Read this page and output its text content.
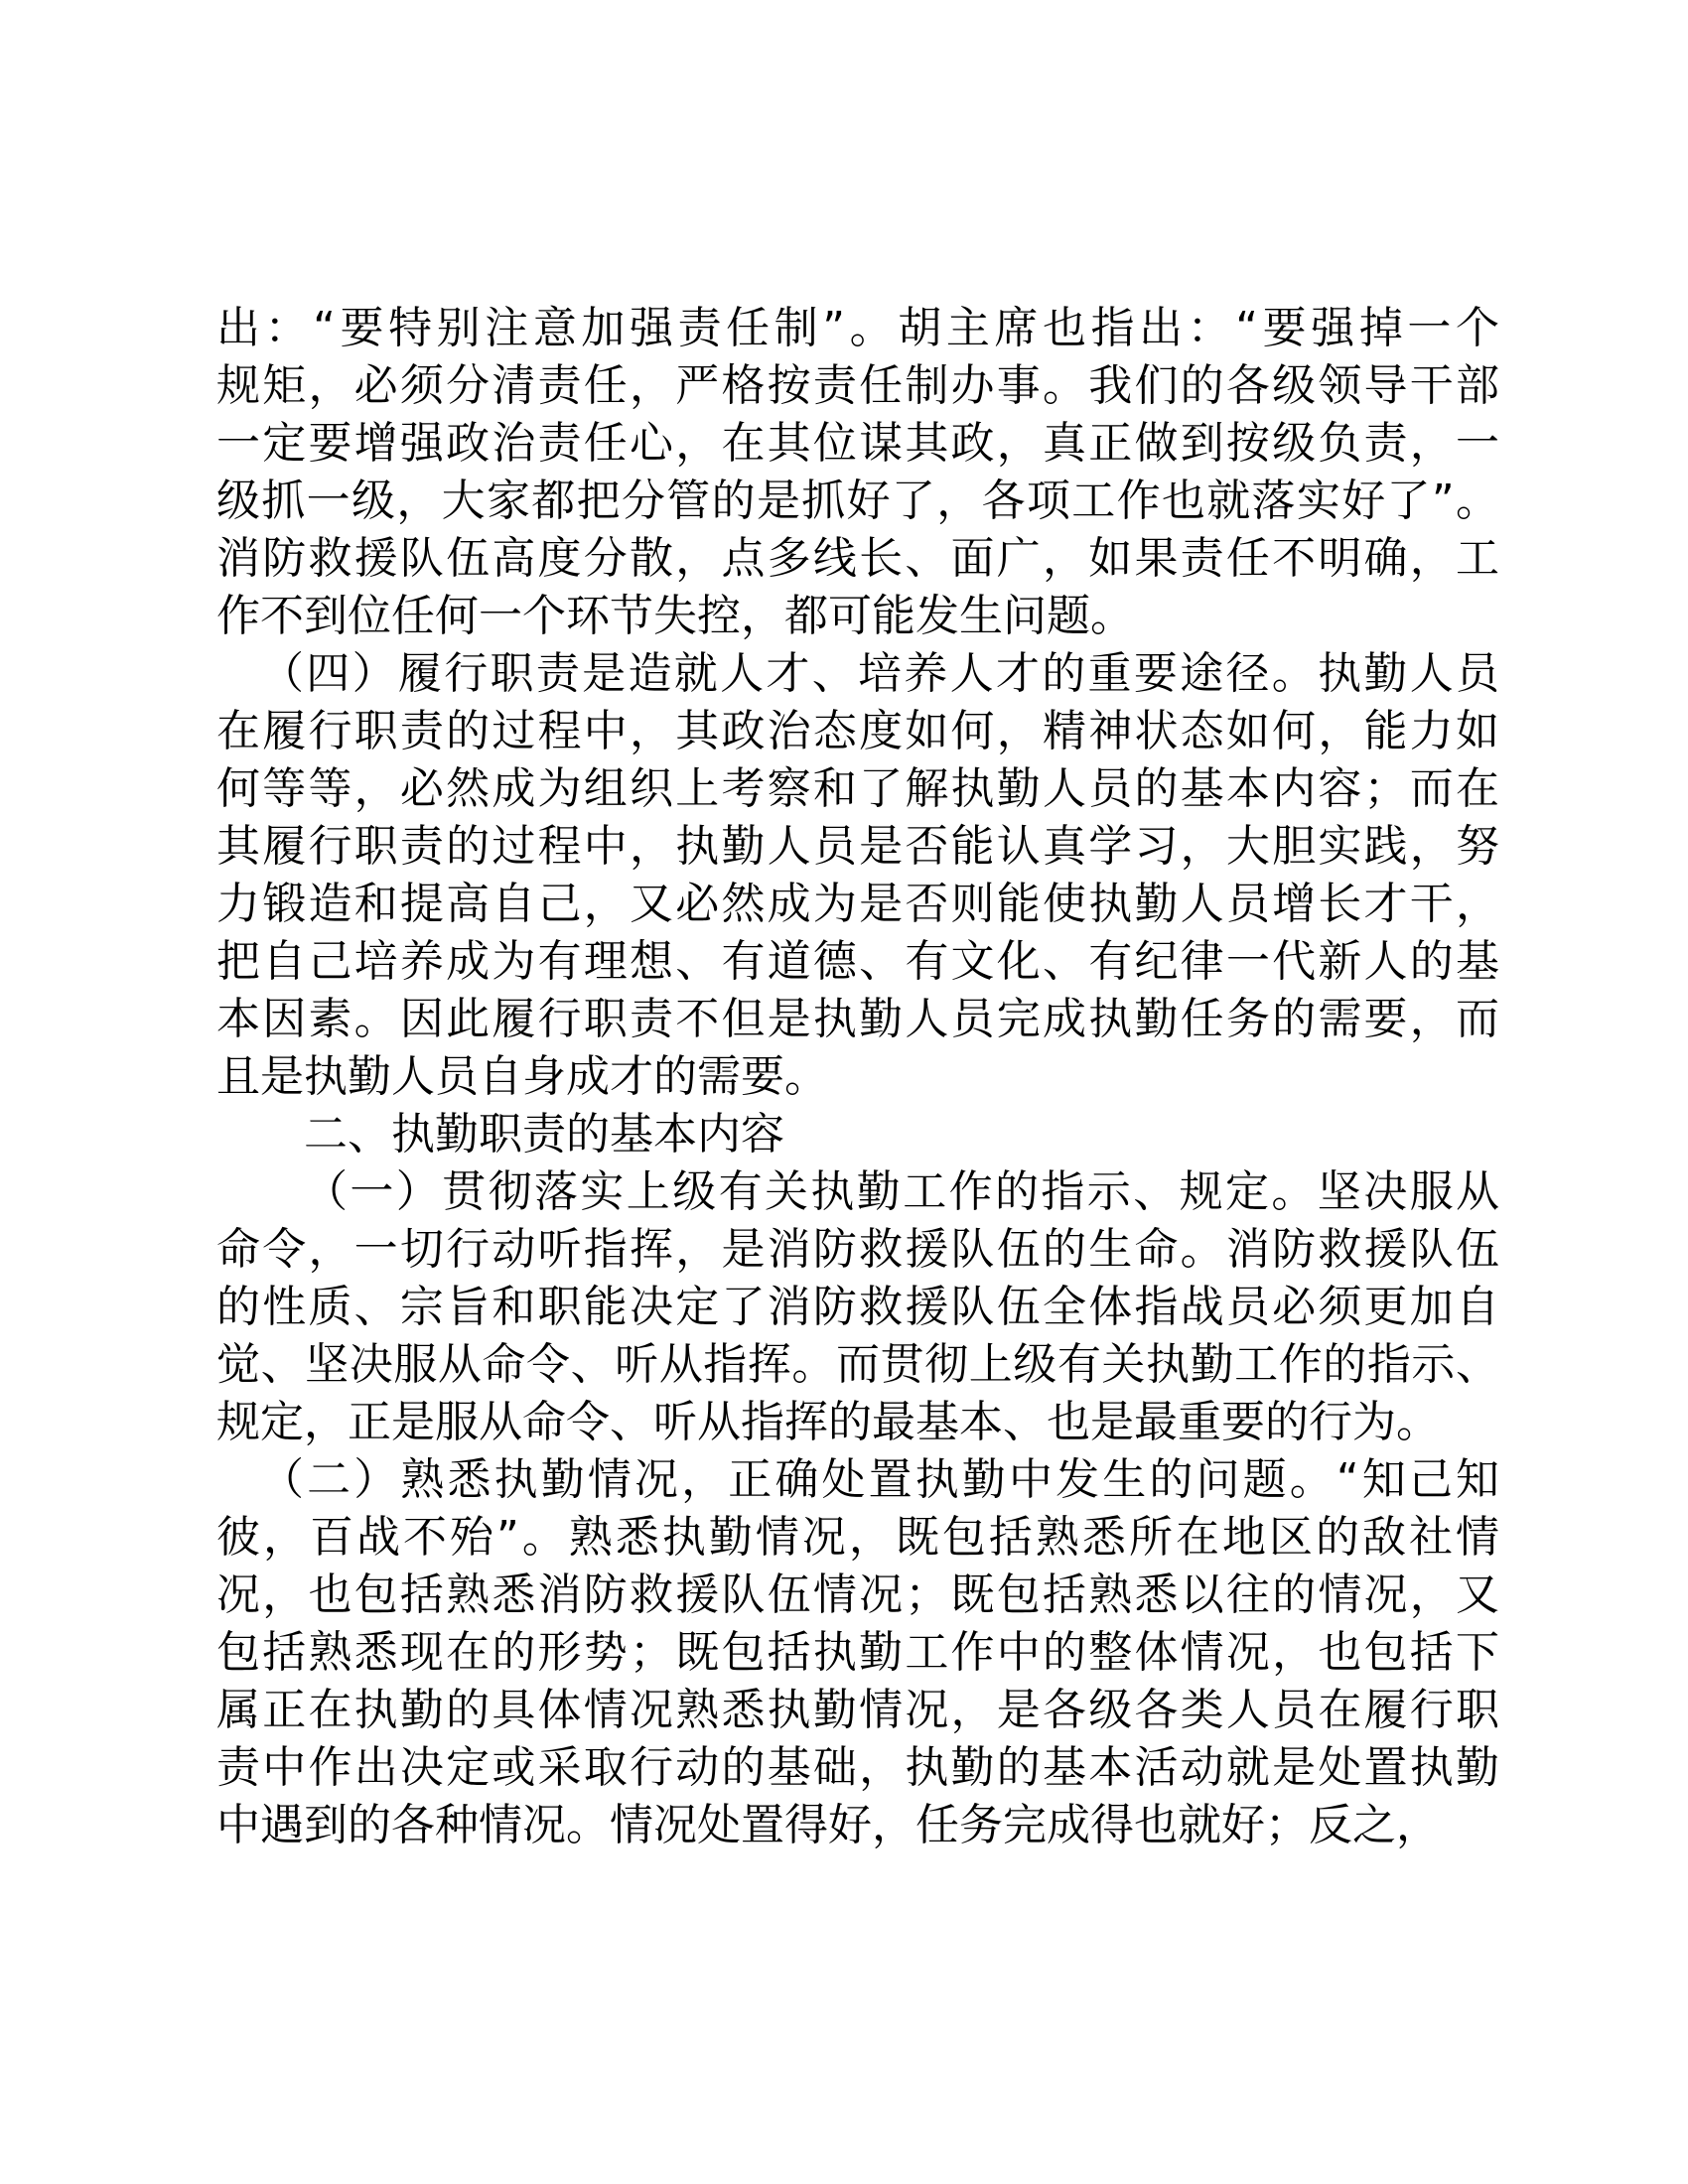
出：“要特别注意加强责任制”。胡主席也指出：“要强掉一个
规矩，必须分清责任，严格按责任制办事。我们的各级领导干部
一定要增强政治责任心，在其位谋其政，真正做到按级负责，一
级抓一级，大家都把分管的是抓好了，各项工作也就落实好了”。
消防救援队伍高度分散，点多线长、面广，如果责任不明确，工
作不到位任何一个环节失控，都可能发生问题。
（四）履行职责是造就人才、培养人才的重要途径。执勤人员
在履行职责的过程中，其政治态度如何，精神状态如何，能力如
何等等，必然成为组织上考察和了解执勤人员的基本内容；而在
其履行职责的过程中，执勤人员是否能认真学习，大胆实践，努
力锻造和提高自己，又必然成为是否则能使执勤人员增长才干，
把自己培养成为有理想、有道德、有文化、有纪律一代新人的基
本因素。因此履行职责不但是执勤人员完成执勤任务的需要，而
且是执勤人员自身成才的需要。
二、执勤职责的基本内容
（一）贯彻落实上级有关执勤工作的指示、规定。坚决服从
命令，一切行动听指挥，是消防救援队伍的生命。消防救援队伍
的性质、宗旨和职能决定了消防救援队伍全体指战员必须更加自
觉、坚决服从命令、听从指挥。而贯彻上级有关执勤工作的指示、
规定，正是服从命令、听从指挥的最基本、也是最重要的行为。
（二）熟悉执勤情况，正确处置执勤中发生的问题。“知己知
彼，百战不殆”。熟悉执勤情况，既包括熟悉所在地区的敌社情
况，也包括熟悉消防救援队伍情况；既包括熟悉以往的情况，又
包括熟悉现在的形势；既包括执勤工作中的整体情况，也包括下
属正在执勤的具体情况熟悉执勤情况，是各级各类人员在履行职
责中作出决定或采取行动的基础，执勤的基本活动就是处置执勤
中遇到的各种情况。情况处置得好，任务完成得也就好；反之，
